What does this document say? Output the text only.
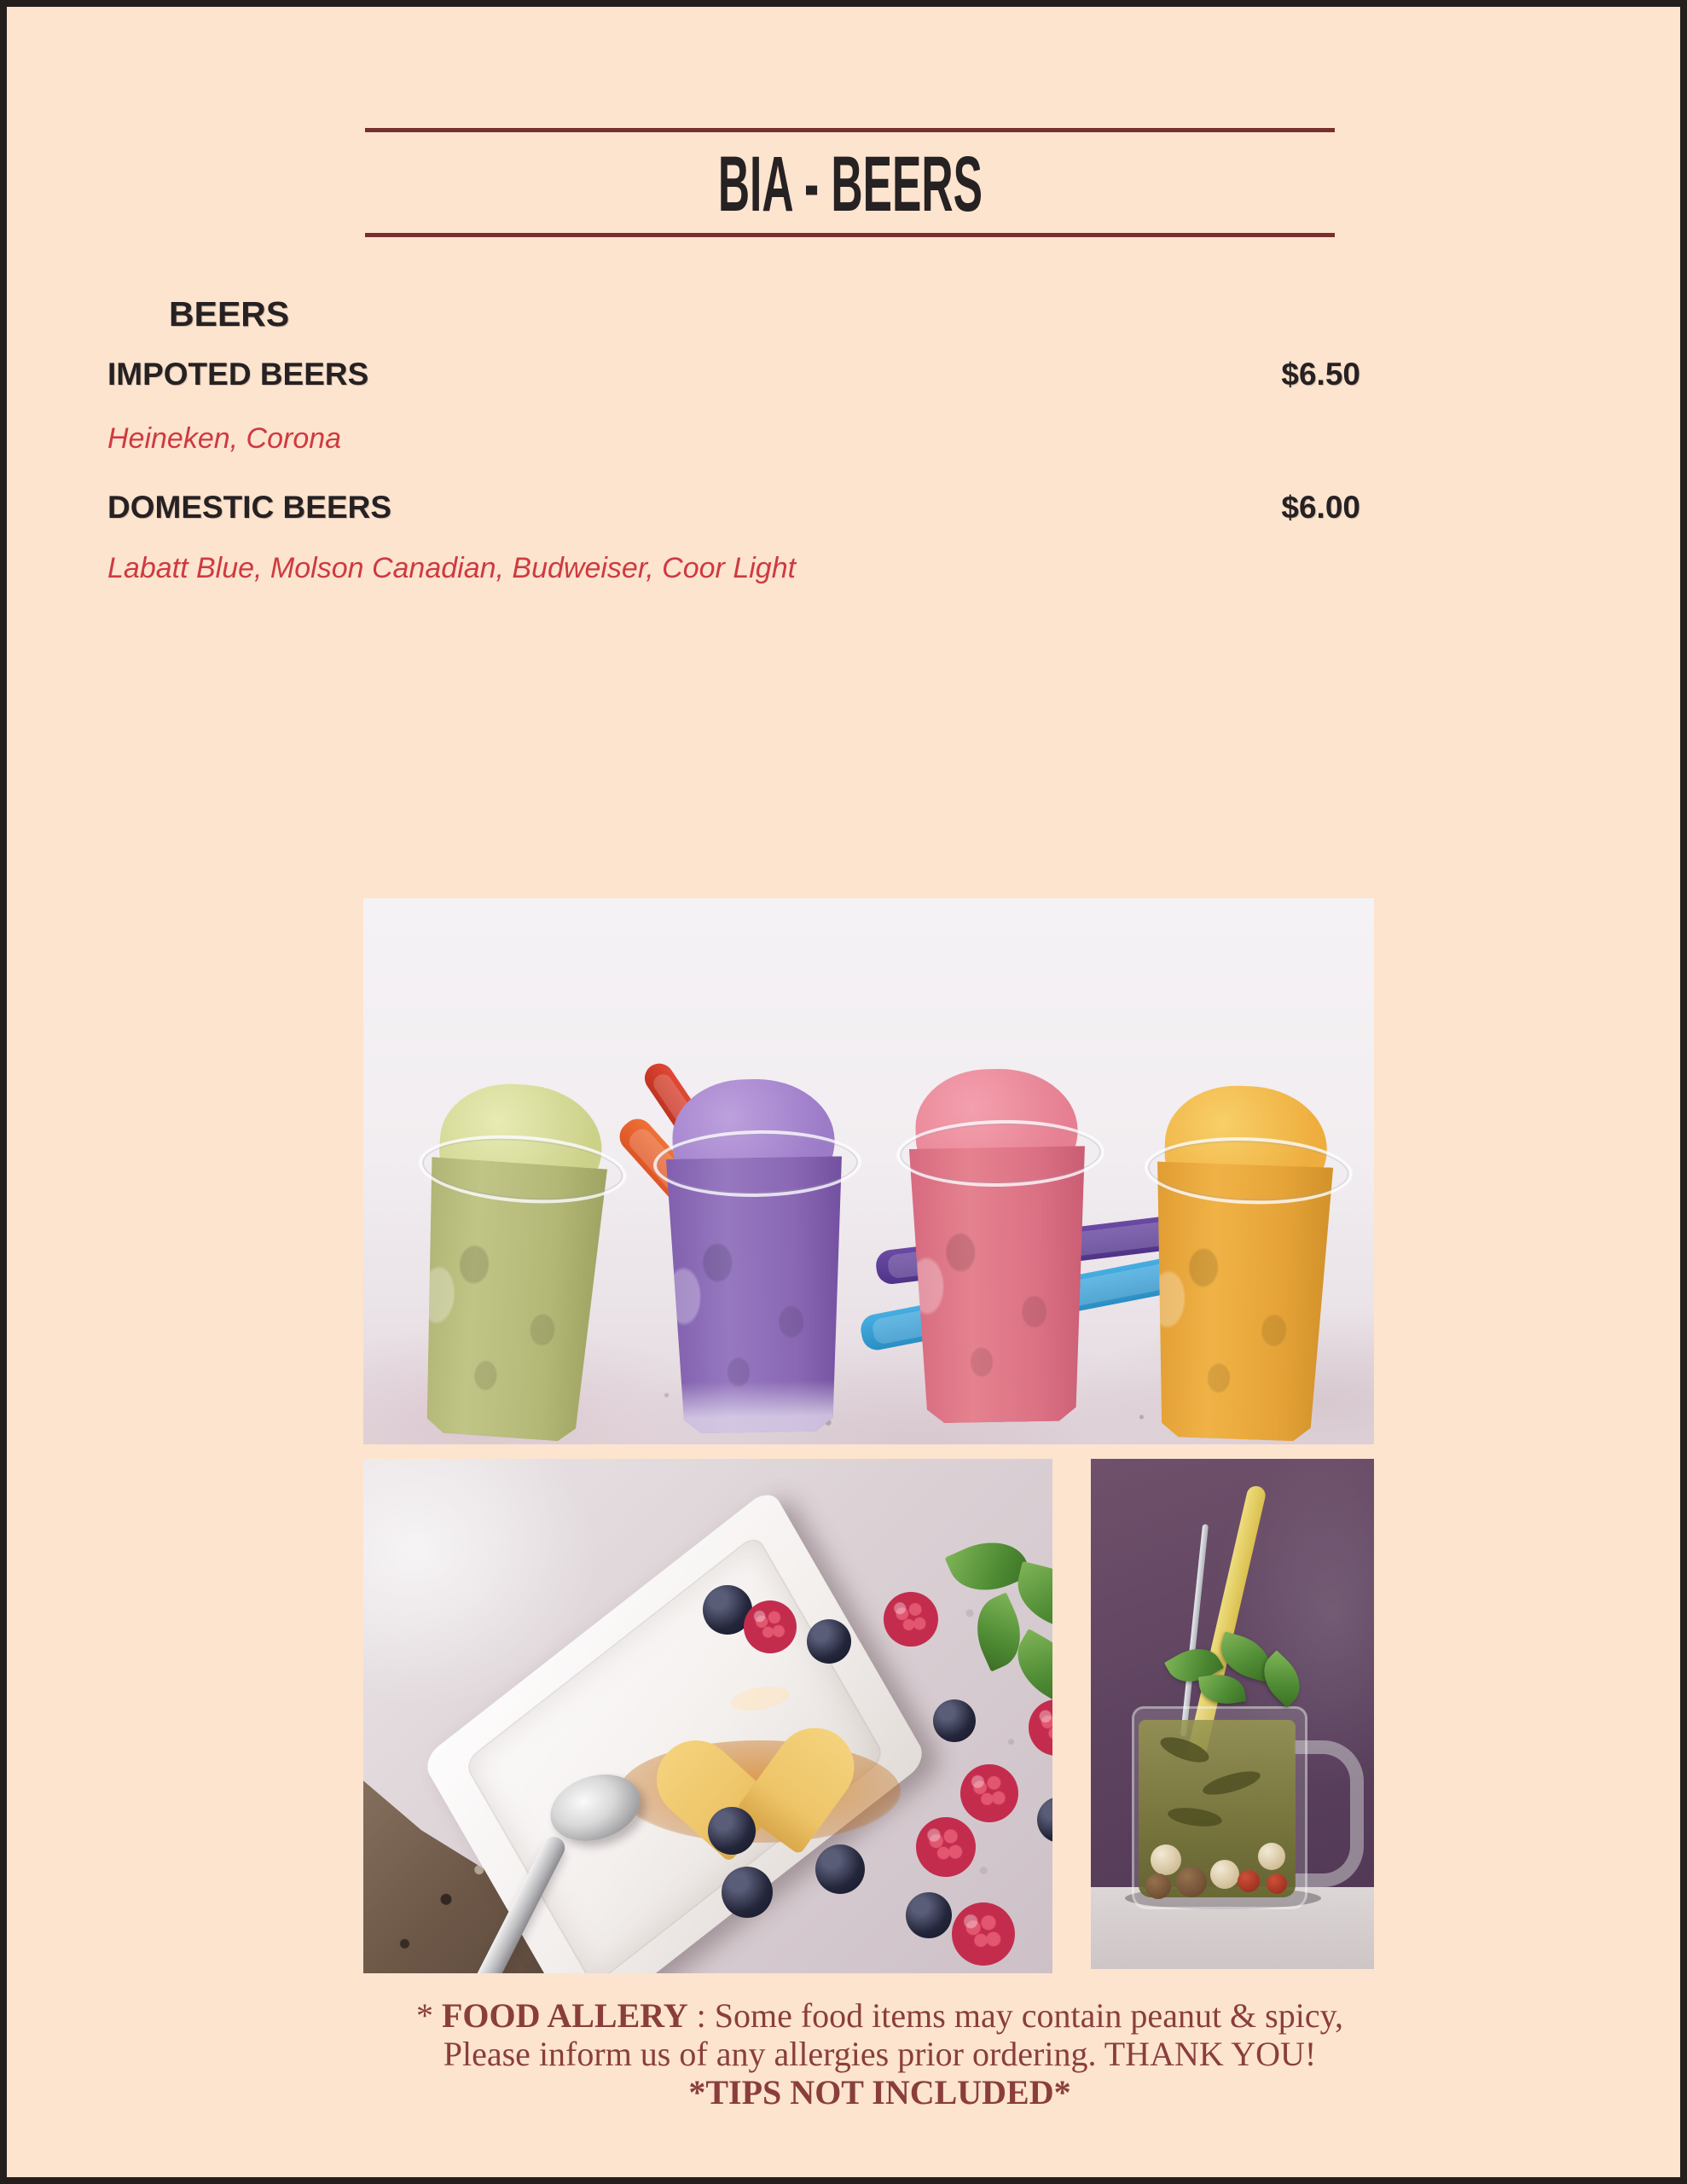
BIA - BEERS
BEERS
IMPOTED BEERS	$6.50
Heineken, Corona
DOMESTIC BEERS	$6.00
Labatt Blue, Molson Canadian, Budweiser, Coor Light
* FOOD ALLERY : Some food items may contain peanut & spicy,
Please inform us of any allergies prior ordering. THANK YOU!
*TIPS NOT INCLUDED*
